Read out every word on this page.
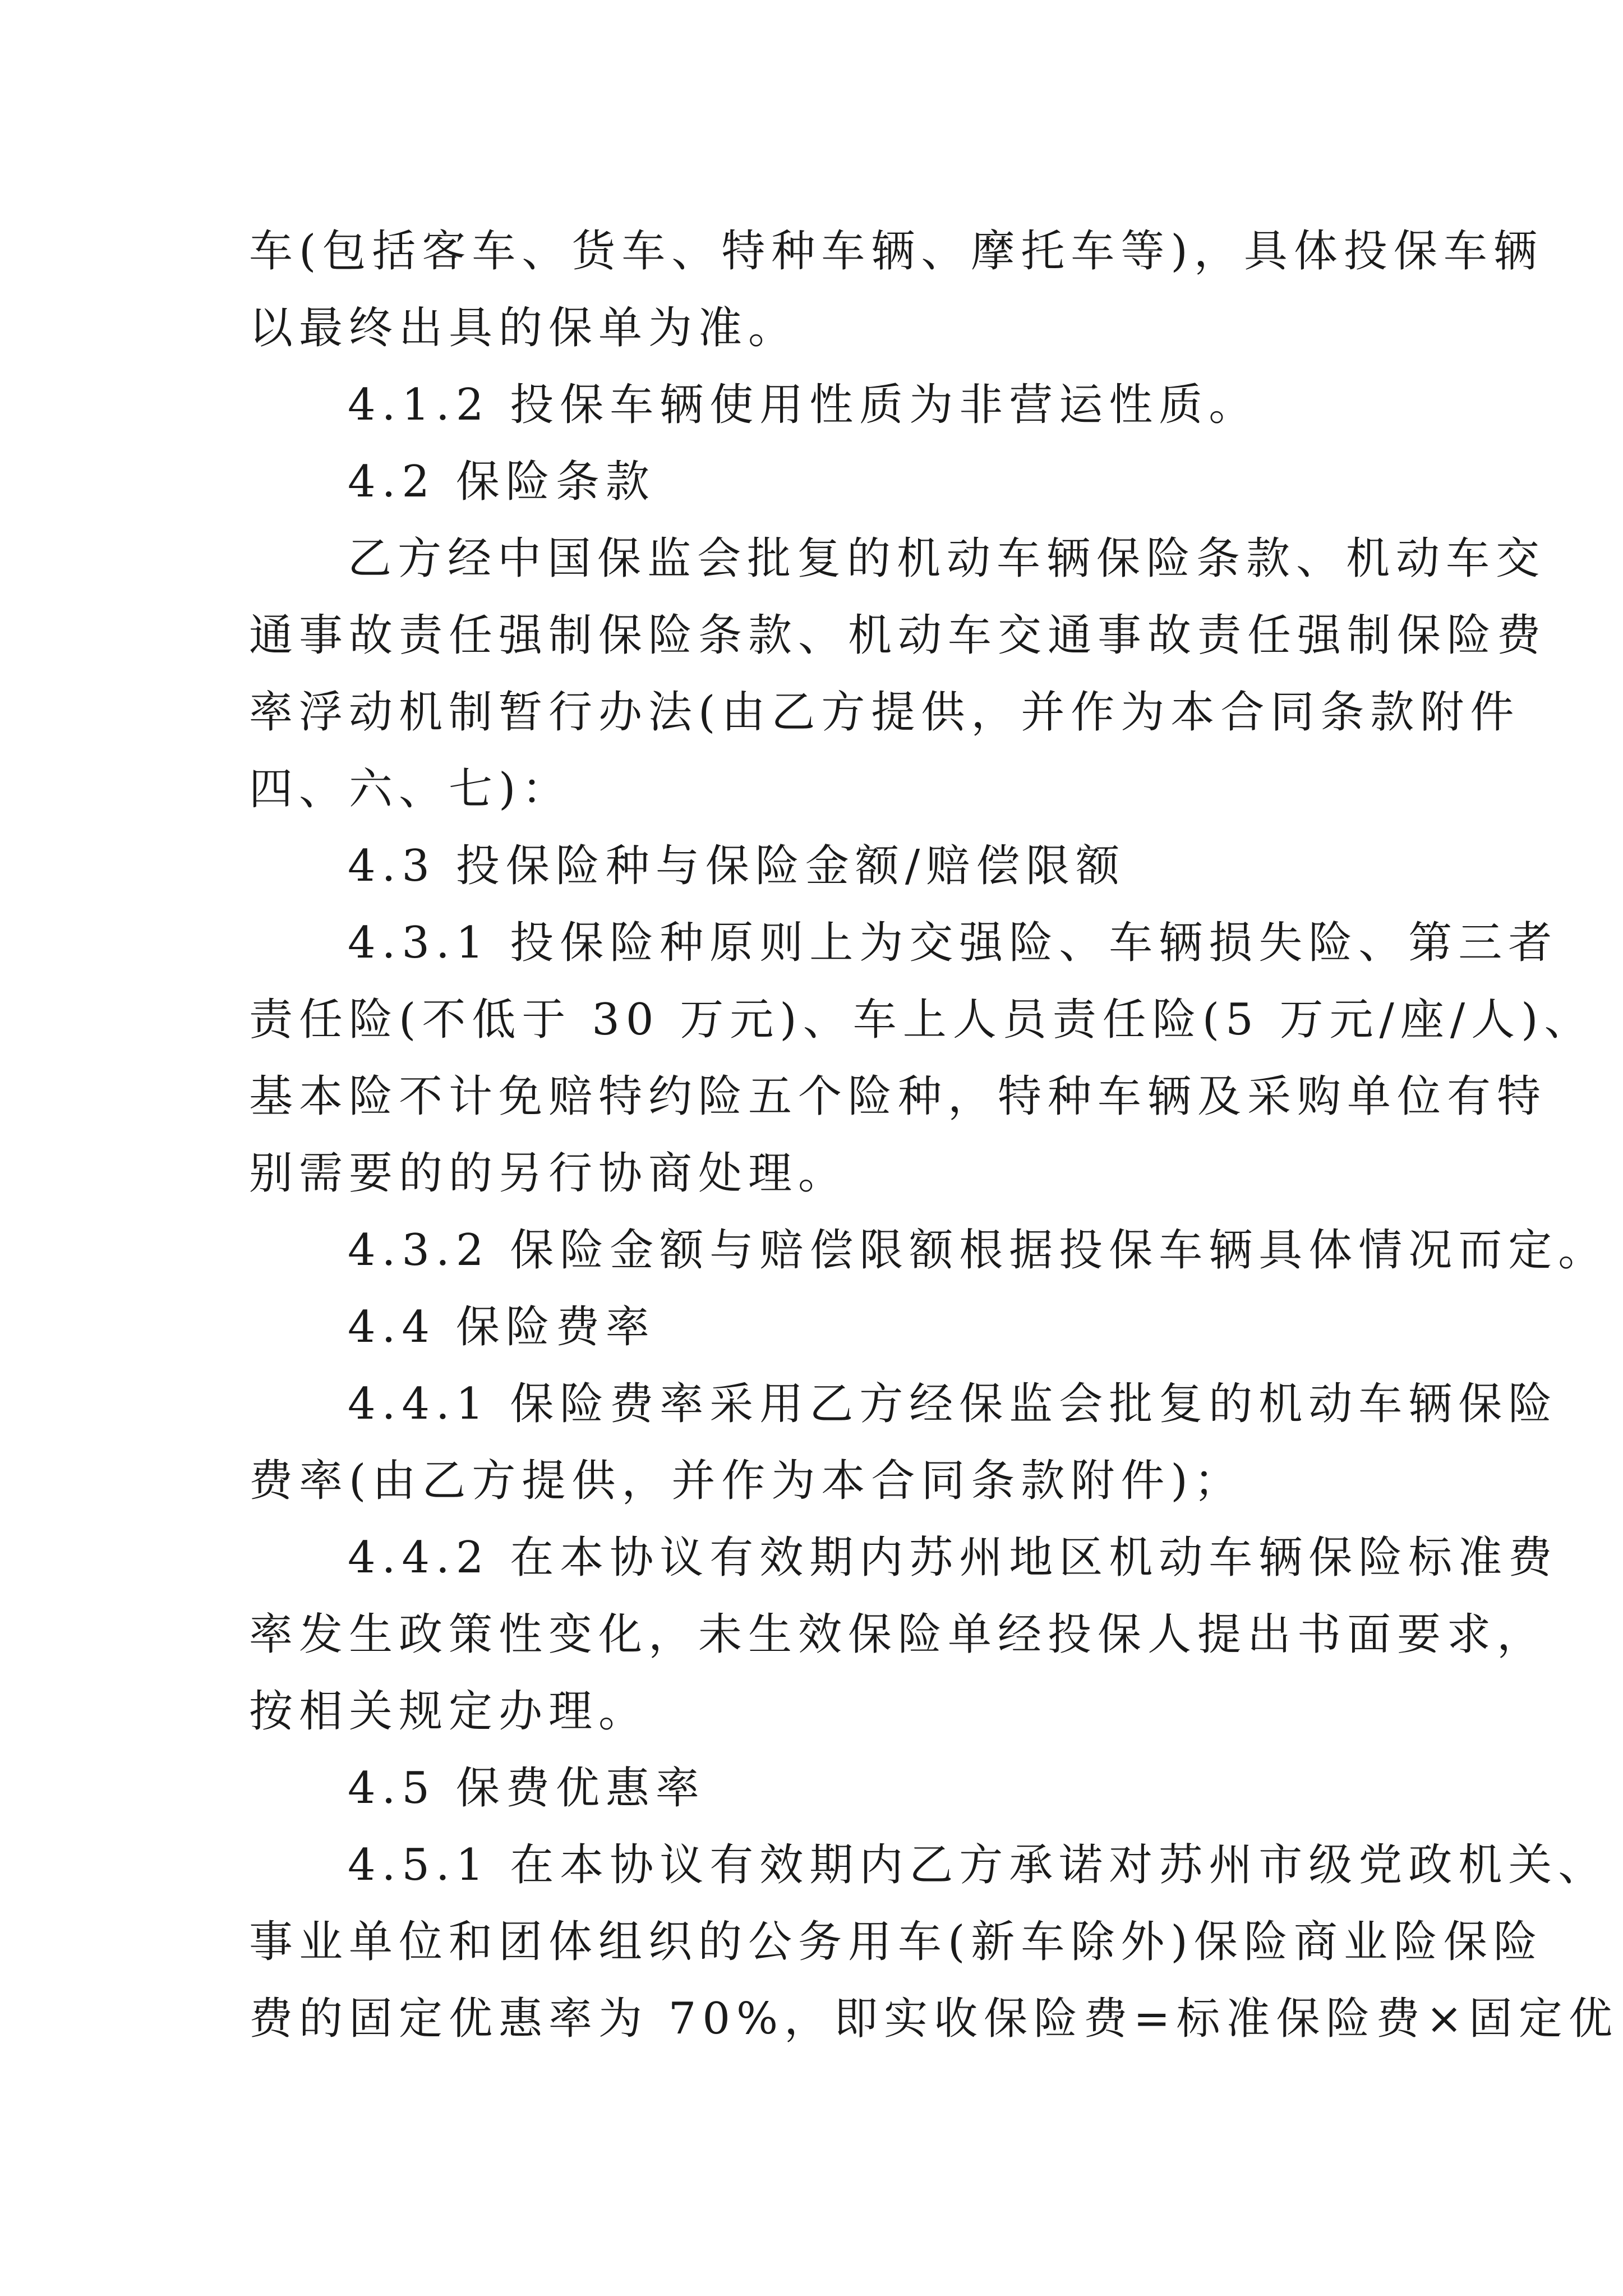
车(包括客车、货车、特种车辆、摩托车等)，具体投保车辆

以最终出具的保单为准。

4.1.2 投保车辆使用性质为非营运性质。

4.2 保险条款

乙方经中国保监会批复的机动车辆保险条款、机动车交

通事故责任强制保险条款、机动车交通事故责任强制保险费

率浮动机制暂行办法(由乙方提供，并作为本合同条款附件

四、六、七)：

4.3 投保险种与保险金额/赔偿限额

4.3.1 投保险种原则上为交强险、车辆损失险、第三者

责任险(不低于 30 万元)、车上人员责任险(5 万元/座/人)、

基本险不计免赔特约险五个险种，特种车辆及采购单位有特

别需要的的另行协商处理。

4.3.2 保险金额与赔偿限额根据投保车辆具体情况而定。

4.4 保险费率

4.4.1 保险费率采用乙方经保监会批复的机动车辆保险

费率(由乙方提供，并作为本合同条款附件)；

4.4.2 在本协议有效期内苏州地区机动车辆保险标准费

率发生政策性变化，未生效保险单经投保人提出书面要求，

按相关规定办理。

4.5 保费优惠率

4.5.1 在本协议有效期内乙方承诺对苏州市级党政机关、

事业单位和团体组织的公务用车(新车除外)保险商业险保险

费的固定优惠率为 70%，即实收保险费=标准保险费×固定优
